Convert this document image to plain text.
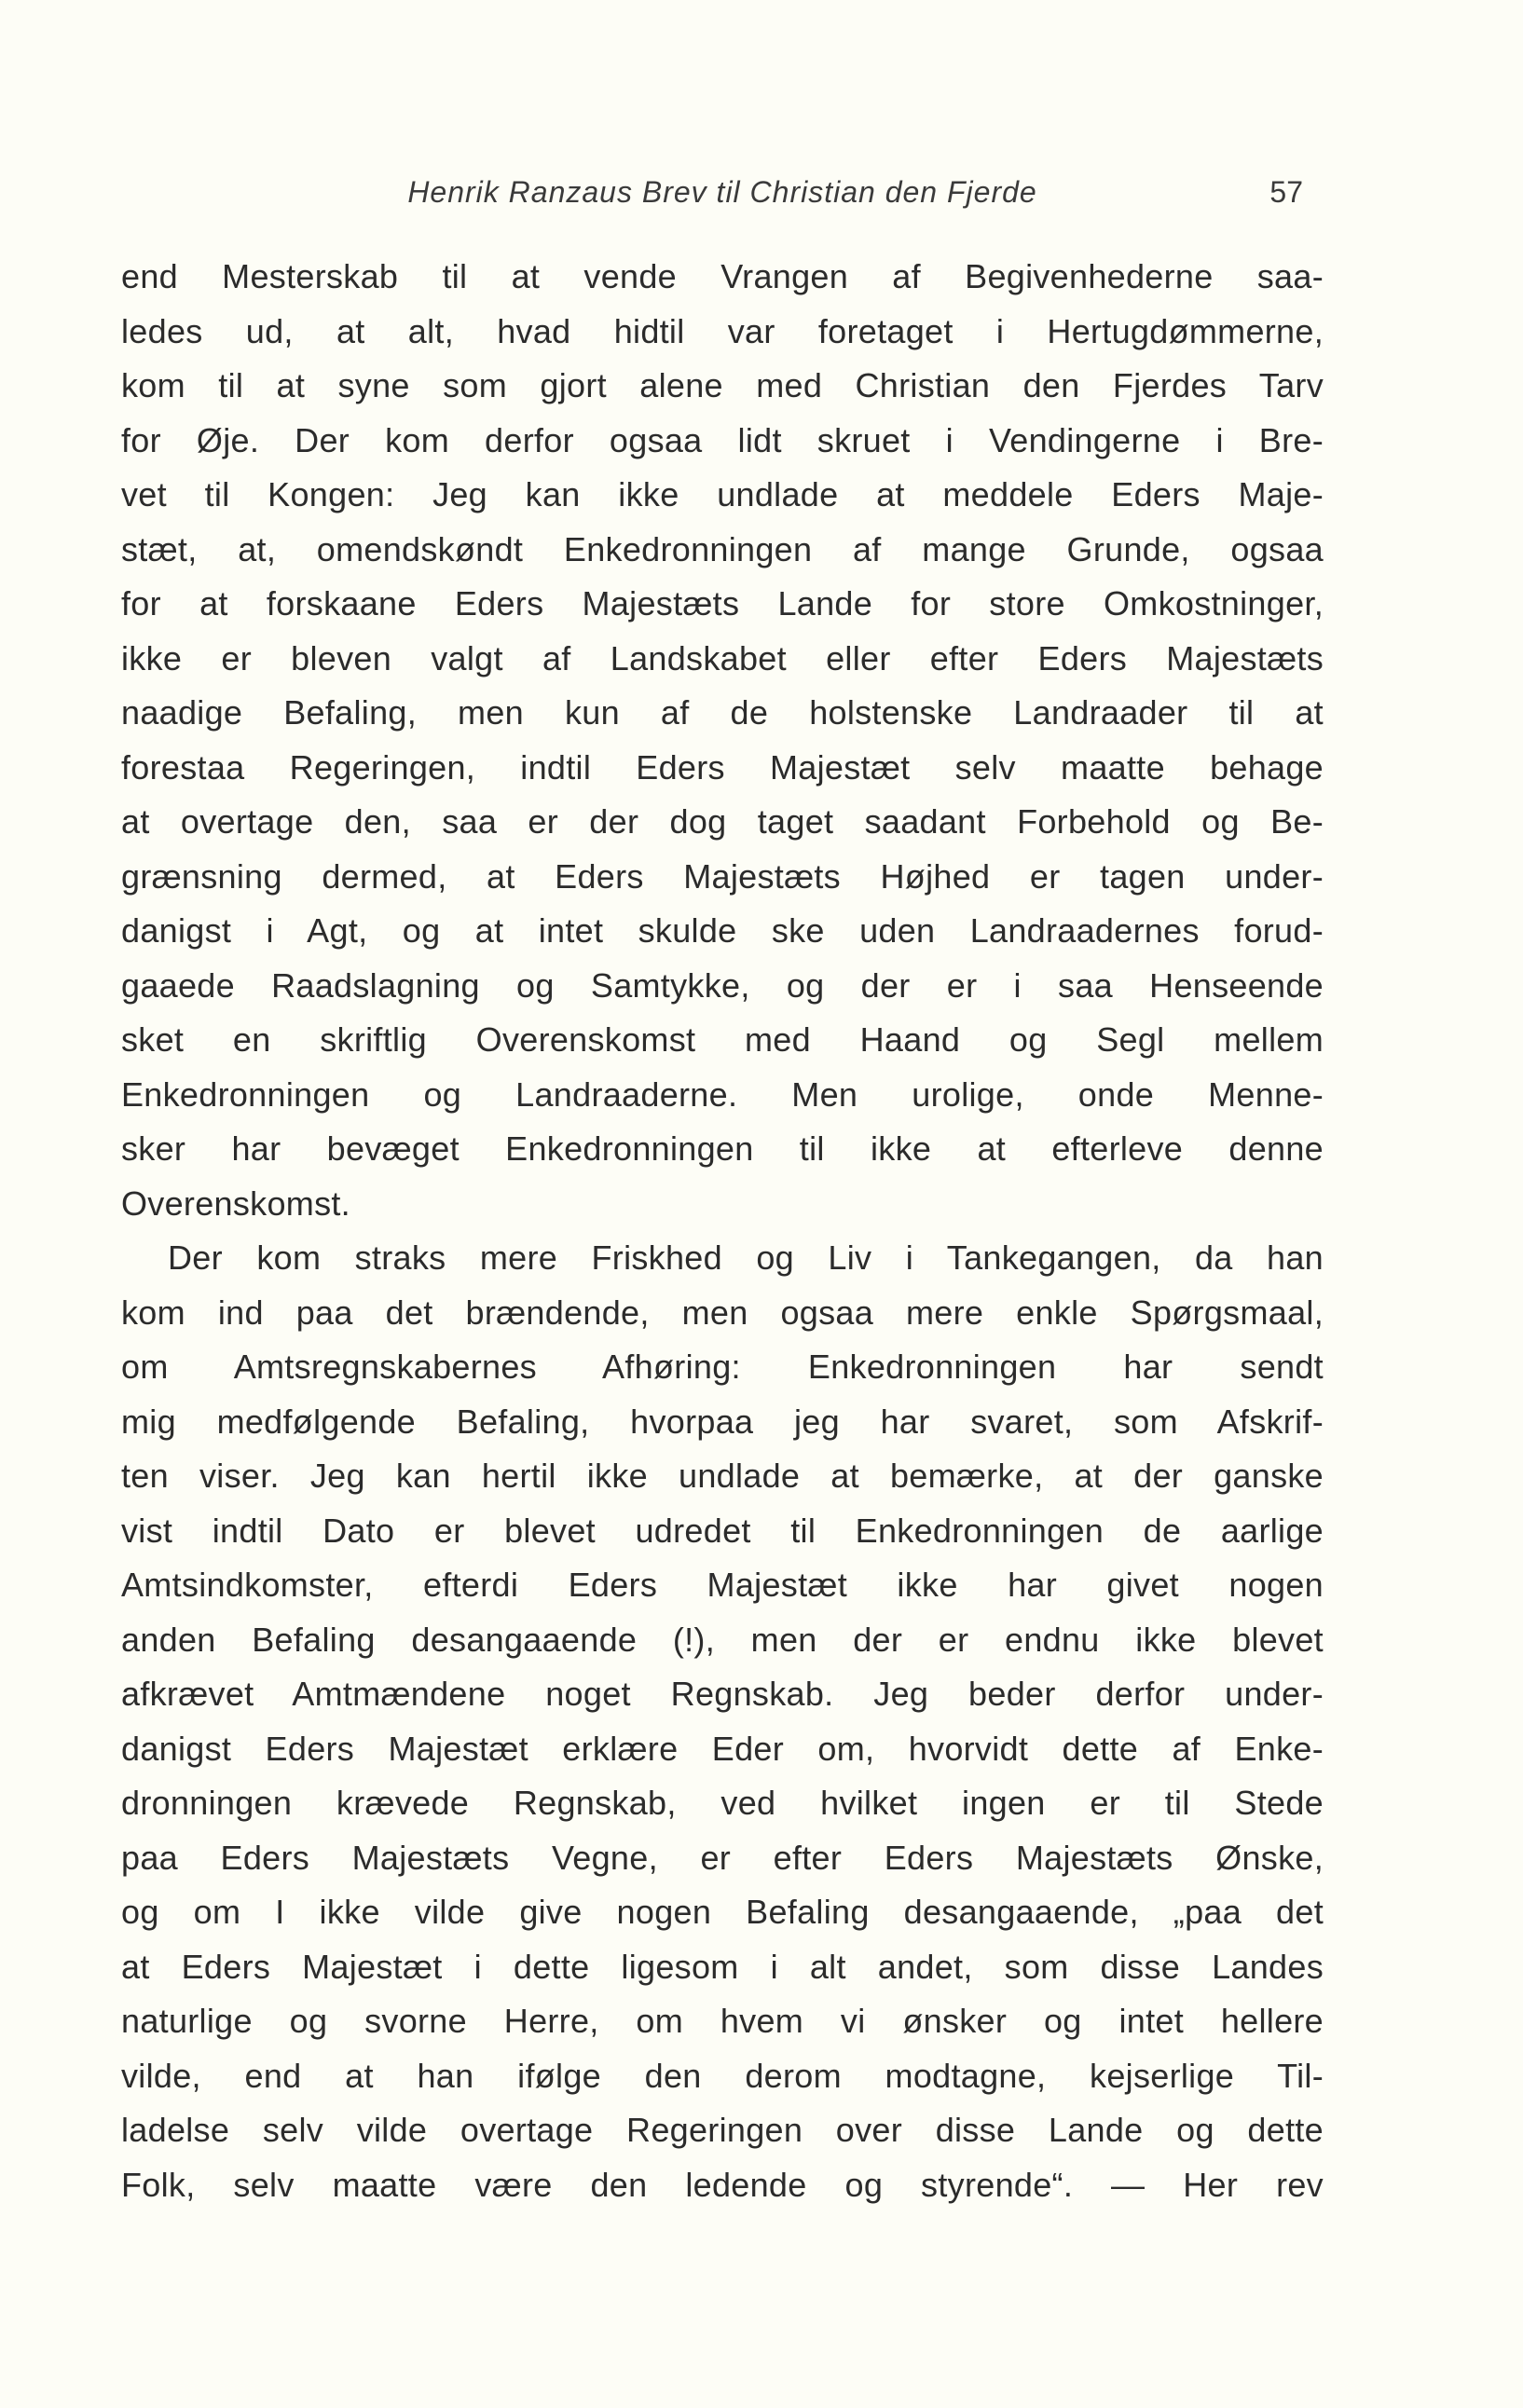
Henrik Ranzaus Brev til Christian den Fjerde	57
end Mesterskab til at vende Vrangen af Begivenhederne saa-
ledes ud, at alt, hvad hidtil var foretaget i Hertugdømmerne,
kom til at syne som gjort alene med Christian den Fjerdes Tarv
for Øje. Der kom derfor ogsaa lidt skruet i Vendingerne i Bre-
vet til Kongen: Jeg kan ikke undlade at meddele Eders Maje-
stæt, at, omendskøndt Enkedronningen af mange Grunde, ogsaa
for at forskaane Eders Majestæts Lande for store Omkostninger,
ikke er bleven valgt af Landskabet eller efter Eders Majestæts
naadige Befaling, men kun af de holstenske Landraader til at
forestaa Regeringen, indtil Eders Majestæt selv maatte behage
at overtage den, saa er der dog taget saadant Forbehold og Be-
grænsning dermed, at Eders Majestæts Højhed er tagen under-
danigst i Agt, og at intet skulde ske uden Landraadernes forud-
gaaede Raadslagning og Samtykke, og der er i saa Henseende
sket en skriftlig Overenskomst med Haand og Segl mellem
Enkedronningen og Landraaderne. Men urolige, onde Menne-
sker har bevæget Enkedronningen til ikke at efterleve denne
Overenskomst.
Der kom straks mere Friskhed og Liv i Tankegangen, da han
kom ind paa det brændende, men ogsaa mere enkle Spørgsmaal,
om Amtsregnskabernes Afhøring: Enkedronningen har sendt
mig medfølgende Befaling, hvorpaa jeg har svaret, som Afskrif-
ten viser. Jeg kan hertil ikke undlade at bemærke, at der ganske
vist indtil Dato er blevet udredet til Enkedronningen de aarlige
Amtsindkomster, efterdi Eders Majestæt ikke har givet nogen
anden Befaling desangaaende (!), men der er endnu ikke blevet
afkrævet Amtmændene noget Regnskab. Jeg beder derfor under-
danigst Eders Majestæt erklære Eder om, hvorvidt dette af Enke-
dronningen krævede Regnskab, ved hvilket ingen er til Stede
paa Eders Majestæts Vegne, er efter Eders Majestæts Ønske,
og om I ikke vilde give nogen Befaling desangaaende, „paa det
at Eders Majestæt i dette ligesom i alt andet, som disse Landes
naturlige og svorne Herre, om hvem vi ønsker og intet hellere
vilde, end at han ifølge den derom modtagne, kejserlige Til-
ladelse selv vilde overtage Regeringen over disse Lande og dette
Folk, selv maatte være den ledende og styrende“. — Her rev
